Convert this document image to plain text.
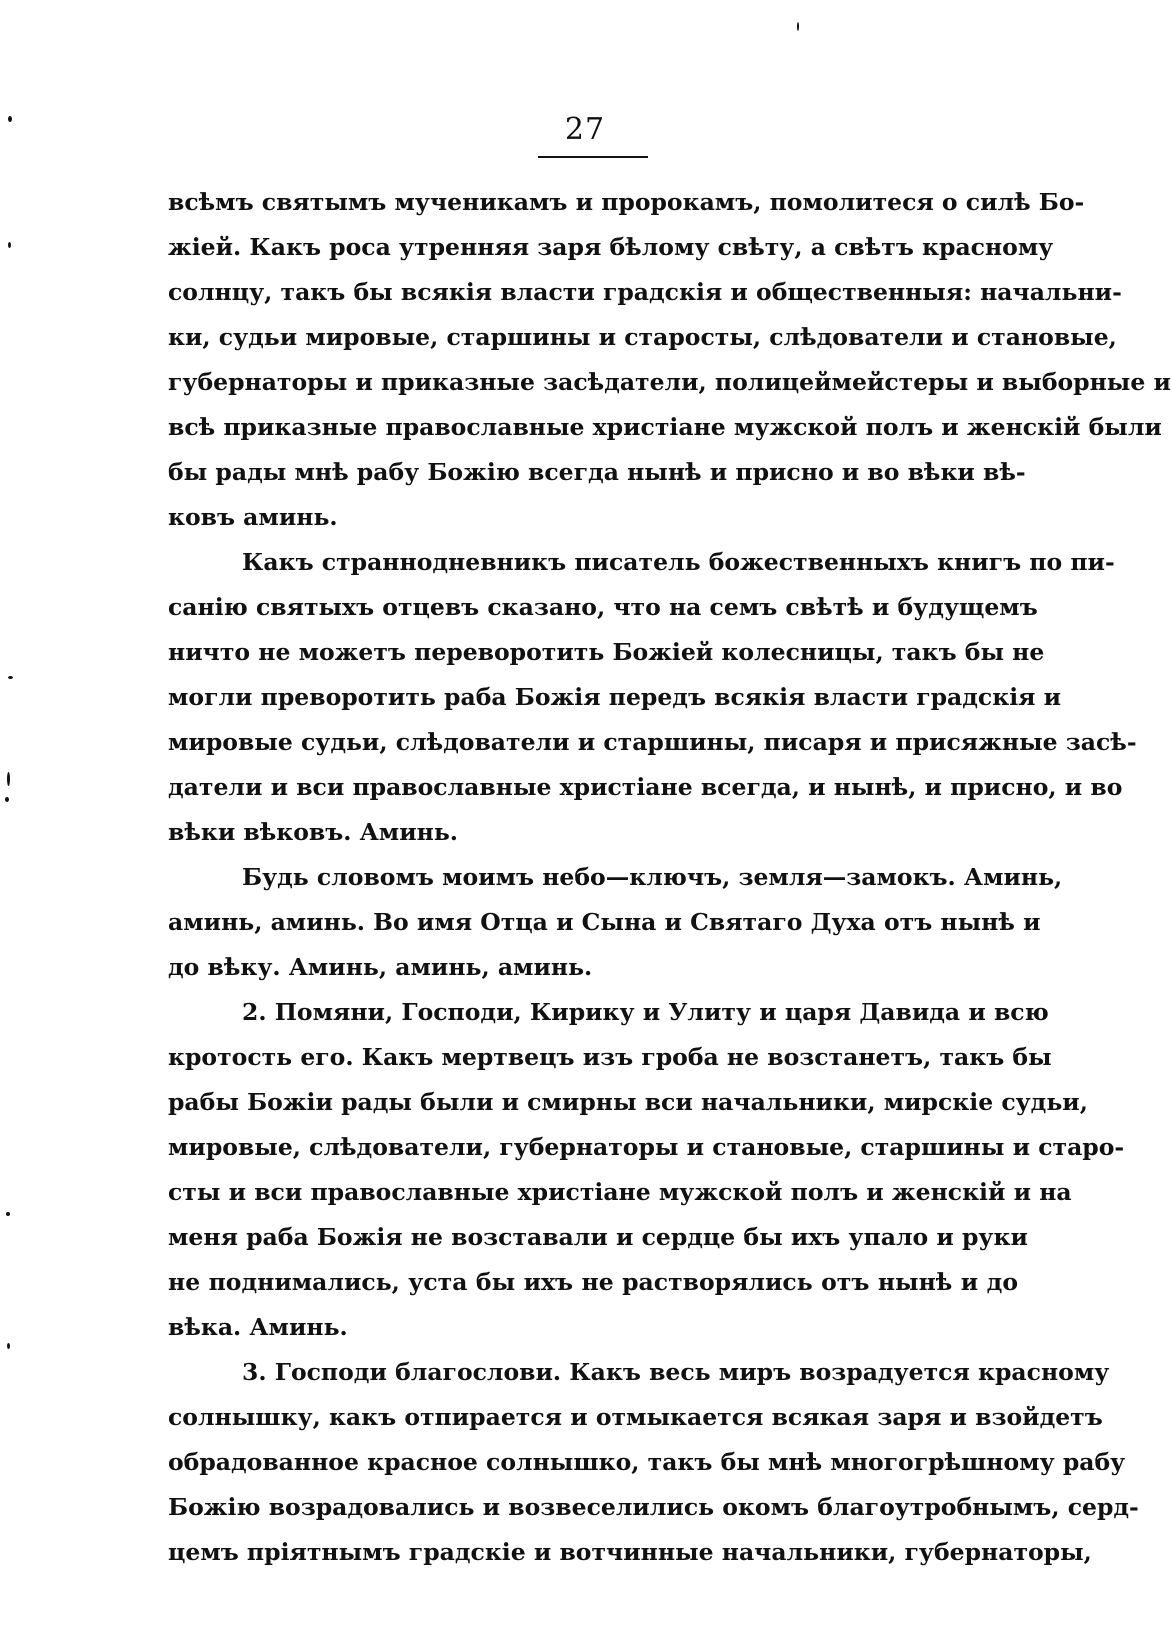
27
всѣмъ святымъ мученикамъ и пророкамъ, помолитеся о силѣ Бо-
жіей. Какъ роса утренняя заря бѣлому свѣту, а свѣтъ красному
солнцу, такъ бы всякія власти градскія и общественныя: начальни-
ки, судьи мировые, старшины и старосты, слѣдователи и становые,
губернаторы и приказные засѣдатели, полицеймейстеры и выборные и
всѣ приказные православные христіане мужской полъ и женскій были
бы рады мнѣ рабу Божію всегда нынѣ и присно и во вѣки вѣ-
ковъ аминь.
Какъ страннодневникъ писатель божественныхъ книгъ по пи-
санію святыхъ отцевъ сказано, что на семъ свѣтѣ и будущемъ
ничто не можетъ переворотить Божіей колесницы, такъ бы не
могли преворотить раба Божія передъ всякія власти градскія и
мировые судьи, слѣдователи и старшины, писаря и присяжные засѣ-
датели и вси православные христіане всегда, и нынѣ, и присно, и во
вѣки вѣковъ. Аминь.
Будь словомъ моимъ небо—ключъ, земля—замокъ. Аминь,
аминь, аминь. Во имя Отца и Сына и Святаго Духа отъ нынѣ и
до вѣку. Аминь, аминь, аминь.
2. Помяни, Господи, Кирику и Улиту и царя Давида и всю
кротость его. Какъ мертвецъ изъ гроба не возстанетъ, такъ бы
рабы Божіи рады были и смирны вси начальники, мирскіе судьи,
мировые, слѣдователи, губернаторы и становые, старшины и старо-
сты и вси православные христіане мужской полъ и женскій и на
меня раба Божія не возставали и сердце бы ихъ упало и руки
не поднимались, уста бы ихъ не растворялись отъ нынѣ и до
вѣка. Аминь.
3. Господи благослови. Какъ весь миръ возрадуется красному
солнышку, какъ отпирается и отмыкается всякая заря и взойдетъ
обрадованное красное солнышко, такъ бы мнѣ многогрѣшному рабу
Божію возрадовались и возвеселились окомъ благоутробнымъ, серд-
цемъ пріятнымъ градскіе и вотчинные начальники, губернаторы,
